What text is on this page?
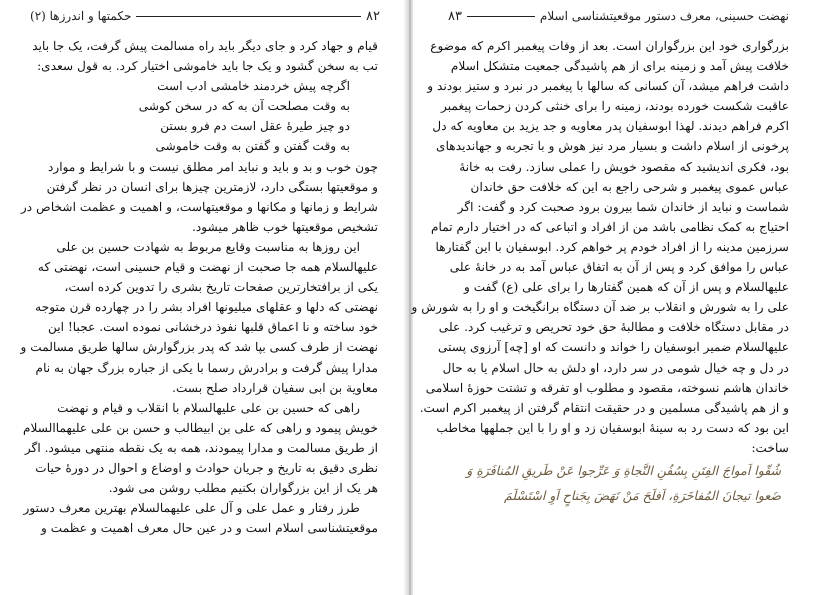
۸۲
حکمتها و اندرزها (۲)
قیام و جهاد کرد و جای دیگر باید راه مسالمت پیش گرفت، یک جا باید
تب به سخن گشود و یک جا باید خاموشی اختیار کرد. به قول سعدی:
اگرچه پیش خردمند خامشی ادب است
به وقت مصلحت آن به که در سخن کوشی
دو چیز طیرهٔ عقل است دم فرو بستن
به وقت گفتن و گفتن به وقت خاموشی
چون خوب و بد و باید و نباید امر مطلق نیست و با شرایط و موارد
و موقعیتها بستگی دارد، لازمترین چیزها برای انسان در نظر گرفتن
شرایط و زمانها و مکانها و موقعیتهاست، و اهمیت و عظمت اشخاص در
تشخیص موقعیتها خوب ظاهر میشود.
این روزها به مناسبت وقایع مربوط به شهادت حسین بن علی
علیهالسلام همه جا صحبت از نهضت و قیام حسینی است، نهضتی که
یکی از برافتخارترین صفحات تاریخ بشری را تدوین کرده است،
نهضتی که دلها و عقلهای میلیونها افراد بشر را در چهارده قرن متوجه
خود ساخته و نا اعماق قلبها نفوذ درخشانی نموده است. عجبا! این
نهضت از طرف کسی بپا شد که پدر بزرگوارش سالها طریق مسالمت و
مدارا پیش گرفت و برادرش رسما با یکی از جباره بزرگ جهان به نام
معاویة بن ابی سفیان قرارداد صلح بست.
راهی که حسین بن علی علیهالسلام با انقلاب و قیام و نهضت
خویش پیمود و راهی که علی بن ابیطالب و حسن بن علی علیهماالسلام
از طریق مسالمت و مدارا پیمودند، همه به یک نقطه منتهی میشود. اگر
نظری دقیق به تاریخ و جریان حوادث و اوضاع و احوال در دورهٔ حیات
هر یک از این بزرگواران بکنیم مطلب روشن می شود.
طرز رفتار و عمل علی و آل علی علیهمالسلام بهترین معرف دستور
موقعیتشناسی اسلام است و در عین حال معرف اهمیت و عظمت و
نهضت حسینی، معرف دستور موقعیتشناسی اسلام
۸۳
بزرگواری خود این بزرگواران است. بعد از وفات پیغمبر اکرم که موضوع
خلافت پیش آمد و زمینه برای از هم پاشیدگی جمعیت متشکل اسلام
داشت فراهم میشد، آن کسانی که سالها با پیغمبر در نبرد و ستیز بودند و
عاقبت شکست خورده بودند، زمینه را برای خنثی کردن زحمات پیغمبر
اکرم فراهم دیدند. لهذا ابوسفیان پدر معاویه و جد یزید بن معاویه که دل
پرخونی از اسلام داشت و بسیار مرد نیز هوش و با تجربه و جهاندیدهای
بود، فکری اندیشید که مقصود خویش را عملی سازد. رفت به خانهٔ
عباس عموی پیغمبر و شرحی راجع به این که خلافت حق خاندان
شماست و نباید از خاندان شما بیرون برود صحبت کرد و گفت: اگر
احتیاج به کمک نظامی باشد من از افراد و اتباعی که در اختیار دارم تمام
سرزمین مدینه را از افراد خودم پر خواهم کرد. ابوسفیان با این گفتارها
عباس را موافق کرد و پس از آن به اتفاق عباس آمد به در خانهٔ علی
علیهالسلام و پس از آن که همین گفتارها را برای علی (ع) گفت و
علی را به شورش و انقلاب بر ضد آن دستگاه برانگیخت و او را به شورش و
در مقابل دستگاه خلافت و مطالبهٔ حق خود تحریص و ترغیب کرد. علی
علیهالسلام ضمیر ابوسفیان را خواند و دانست که او [چه] آرزوی پستی
در دل و چه خیال شومی در سر دارد، او دلش به حال اسلام یا به حال
خاندان هاشم نسوخته، مقصود و مطلوب او تفرقه و تشتت حوزهٔ اسلامی
و از هم پاشیدگی مسلمین و در حقیقت انتقام گرفتن از پیغمبر اکرم است.
این بود که دست رد به سینهٔ ابوسفیان زد و او را با این جملهها مخاطب
ساخت:
شُقّوا اَمواجَ الفِتَنِ بِسُفُنِ النَّجاةِ وَ عَرِّجوا عَنْ طَریقِ المُنافَرَةِ وَ
ضَعوا تیجانَ المُفاخَرَةِ، اَفلَحَ مَنْ نَهَضَ بِجَناحٍ اَوِ اسْتَسْلَمَ
